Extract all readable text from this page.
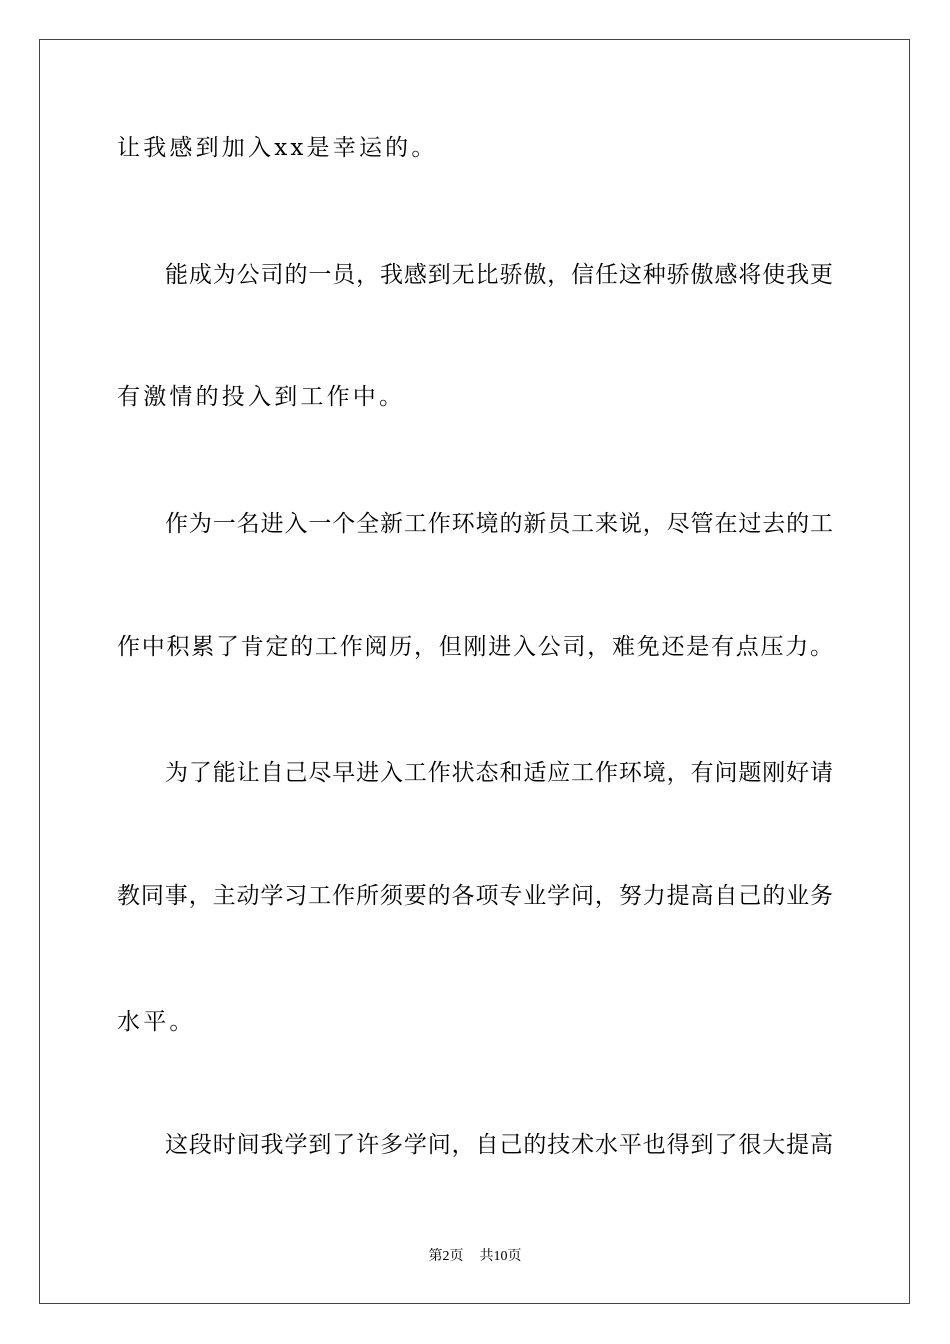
让我感到加入xx是幸运的。
能成为公司的一员，我感到无比骄傲，信任这种骄傲感将使我更
有激情的投入到工作中。
作为一名进入一个全新工作环境的新员工来说，尽管在过去的工
作中积累了肯定的工作阅历，但刚进入公司，难免还是有点压力。
为了能让自己尽早进入工作状态和适应工作环境，有问题刚好请
教同事，主动学习工作所须要的各项专业学问，努力提高自己的业务
水平。
这段时间我学到了许多学问，自己的技术水平也得到了很大提高
第2页 共10页
